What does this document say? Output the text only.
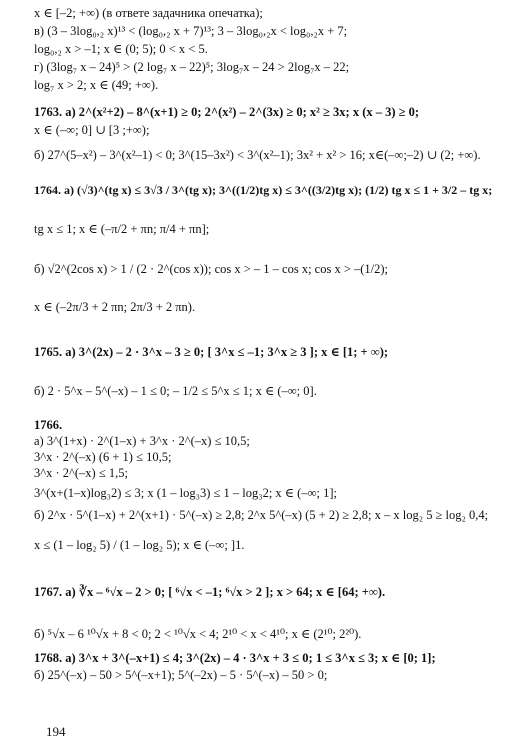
x ∈ [–2; +∞) (в ответе задачника опечатка);
в) (3 – 3log₀,₂ x)¹³ < (log₀,₂ x + 7)¹³; 3 – 3log₀,₂x < log₀,₂x + 7;
log₀,₂ x > –1; x ∈ (0; 5); 0 < x < 5.
г) (3log₇ x – 24)⁵ > (2 log₇ x – 22)⁵; 3log₇x – 24 > 2log₇x – 22;
log₇ x > 2; x ∈ (49; +∞).
1763. а) 2^(x²+2) – 8^(x+1) ≥ 0; 2^(x²) – 2^(3x) ≥ 0; x² ≥ 3x; x (x – 3) ≥ 0;
x ∈ (–∞; 0] ∪ [3 ;+∞);
б) 27^(5–x²) – 3^(x²–1) < 0; 3^(15–3x²) < 3^(x²–1); 3x² + x² > 16; x∈(–∞;–2) ∪ (2; +∞).
1764. а) (√3)^(tg x) ≤ 3√3 / 3^(tg x); 3^((1/2)tg x) ≤ 3^((3/2)tg x); (1/2) tg x ≤ 1 + 3/2 – tg x;
tg x ≤ 1; x ∈ (–π/2 + πn; π/4 + πn];
б) √2^(2cos x) > 1 / (2 · 2^(cos x)); cos x > – 1 – cos x; cos x > –(1/2);
x ∈ (–2π/3 + 2 πn; 2π/3 + 2 πn).
1765. а) 3^(2x) – 2 · 3^x – 3 ≥ 0; [ 3^x ≤ –1; 3^x ≥ 3 ]; x ∈ [1; + ∞);
б) 2 · 5^x – 5^(–x) – 1 ≤ 0; – 1/2 ≤ 5^x ≤ 1; x ∈ (–∞; 0].
1766.
а) 3^(1+x) · 2^(1–x) + 3^x · 2^(–x) ≤ 10,5;
3^x · 2^(–x) (6 + 1) ≤ 10,5;
3^x · 2^(–x) ≤ 1,5;
3^(x+(1–x)log₃2) ≤ 3; x (1 – log₃3) ≤ 1 – log₃2; x ∈ (–∞; 1];
б) 2^x · 5^(1–x) + 2^(x+1) · 5^(–x) ≥ 2,8; 2^x 5^(–x) (5 + 2) ≥ 2,8; x – x log₂ 5 ≥ log₂ 0,4;
x ≤ (1 – log₂ 5) / (1 – log₂ 5); x ∈ (–∞; ]1.
1767. а) ∛x – ⁶√x – 2 > 0; [ ⁶√x < –1; ⁶√x > 2 ]; x > 64; x ∈ [64; +∞).
б) ⁵√x – 6 ¹⁰√x + 8 < 0; 2 < ¹⁰√x < 4; 2¹⁰ < x < 4¹⁰; x ∈ (2¹⁰; 2²⁰).
1768. а) 3^x + 3^(–x+1) ≤ 4; 3^(2x) – 4 · 3^x + 3 ≤ 0; 1 ≤ 3^x ≤ 3; x ∈ [0; 1];
б) 25^(–x) – 50 > 5^(–x+1); 5^(–2x) – 5 · 5^(–x) – 50 > 0;
194
